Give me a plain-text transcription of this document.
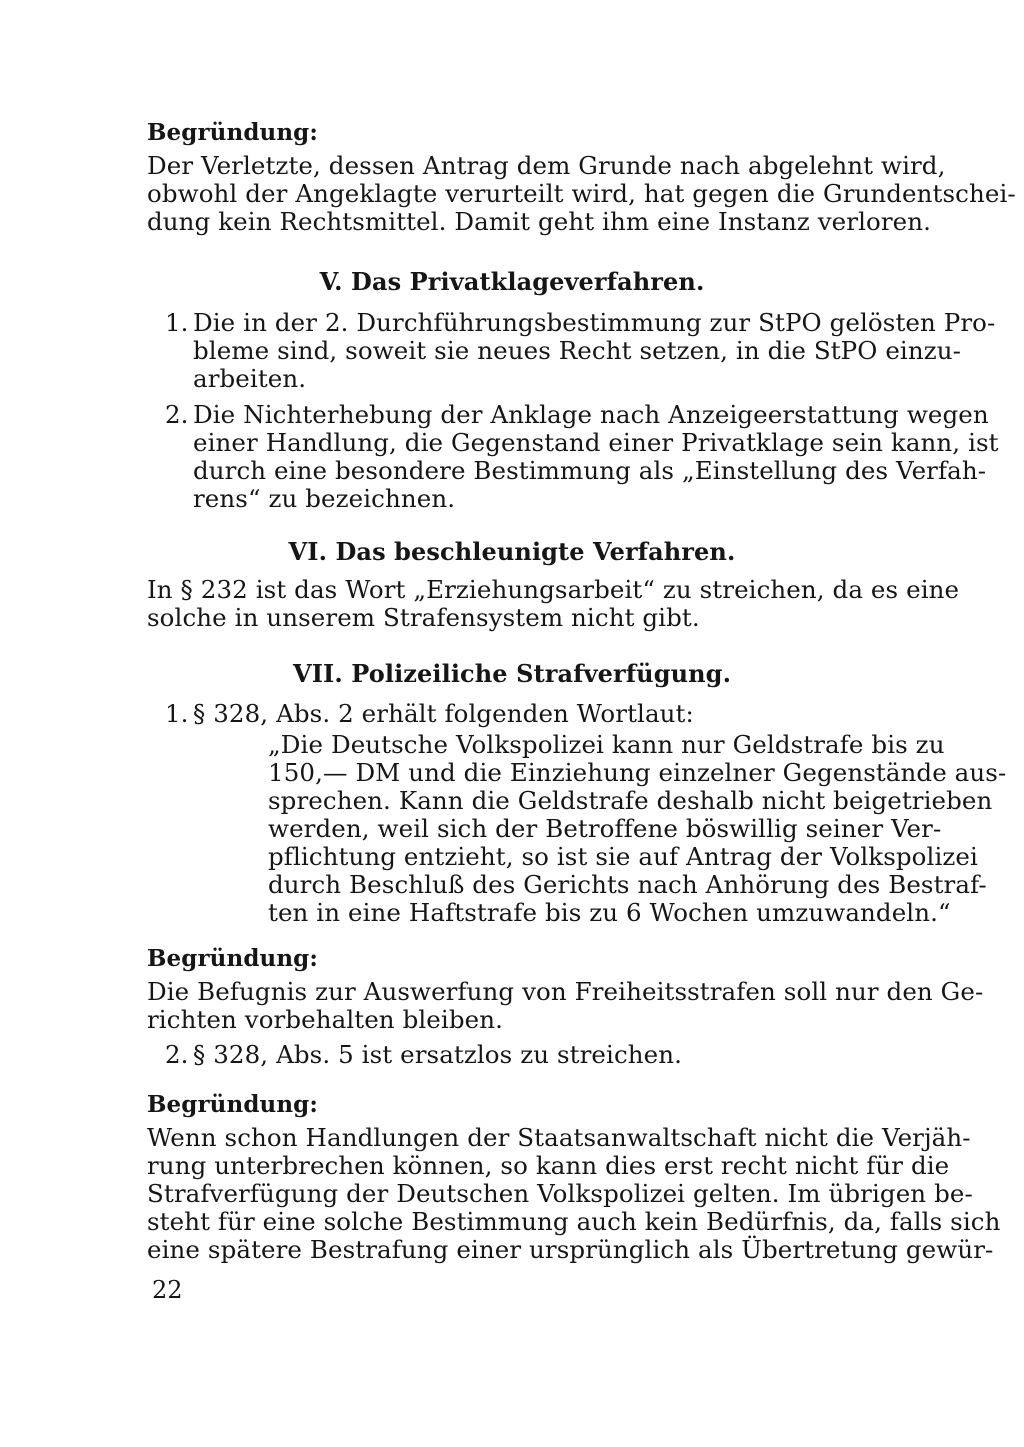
Begründung:
Der Verletzte, dessen Antrag dem Grunde nach abgelehnt wird,
obwohl der Angeklagte verurteilt wird, hat gegen die Grundentschei-
dung kein Rechtsmittel. Damit geht ihm eine Instanz verloren.
V. Das Privatklageverfahren.
1. Die in der 2. Durchführungsbestimmung zur StPO gelösten Pro-
bleme sind, soweit sie neues Recht setzen, in die StPO einzu-
arbeiten.
2. Die Nichterhebung der Anklage nach Anzeigeerstattung wegen
einer Handlung, die Gegenstand einer Privatklage sein kann, ist
durch eine besondere Bestimmung als „Einstellung des Verfah-
rens“ zu bezeichnen.
VI. Das beschleunigte Verfahren.
In § 232 ist das Wort „Erziehungsarbeit“ zu streichen, da es eine
solche in unserem Strafensystem nicht gibt.
VII. Polizeiliche Strafverfügung.
1. § 328, Abs. 2 erhält folgenden Wortlaut:
„Die Deutsche Volkspolizei kann nur Geldstrafe bis zu
150,— DM und die Einziehung einzelner Gegenstände aus-
sprechen. Kann die Geldstrafe deshalb nicht beigetrieben
werden, weil sich der Betroffene böswillig seiner Ver-
pflichtung entzieht, so ist sie auf Antrag der Volkspolizei
durch Beschluß des Gerichts nach Anhörung des Bestraf-
ten in eine Haftstrafe bis zu 6 Wochen umzuwandeln.“
Begründung:
Die Befugnis zur Auswerfung von Freiheitsstrafen soll nur den Ge-
richten vorbehalten bleiben.
2. § 328, Abs. 5 ist ersatzlos zu streichen.
Begründung:
Wenn schon Handlungen der Staatsanwaltschaft nicht die Verjäh-
rung unterbrechen können, so kann dies erst recht nicht für die
Strafverfügung der Deutschen Volkspolizei gelten. Im übrigen be-
steht für eine solche Bestimmung auch kein Bedürfnis, da, falls sich
eine spätere Bestrafung einer ursprünglich als Übertretung gewür-
22
